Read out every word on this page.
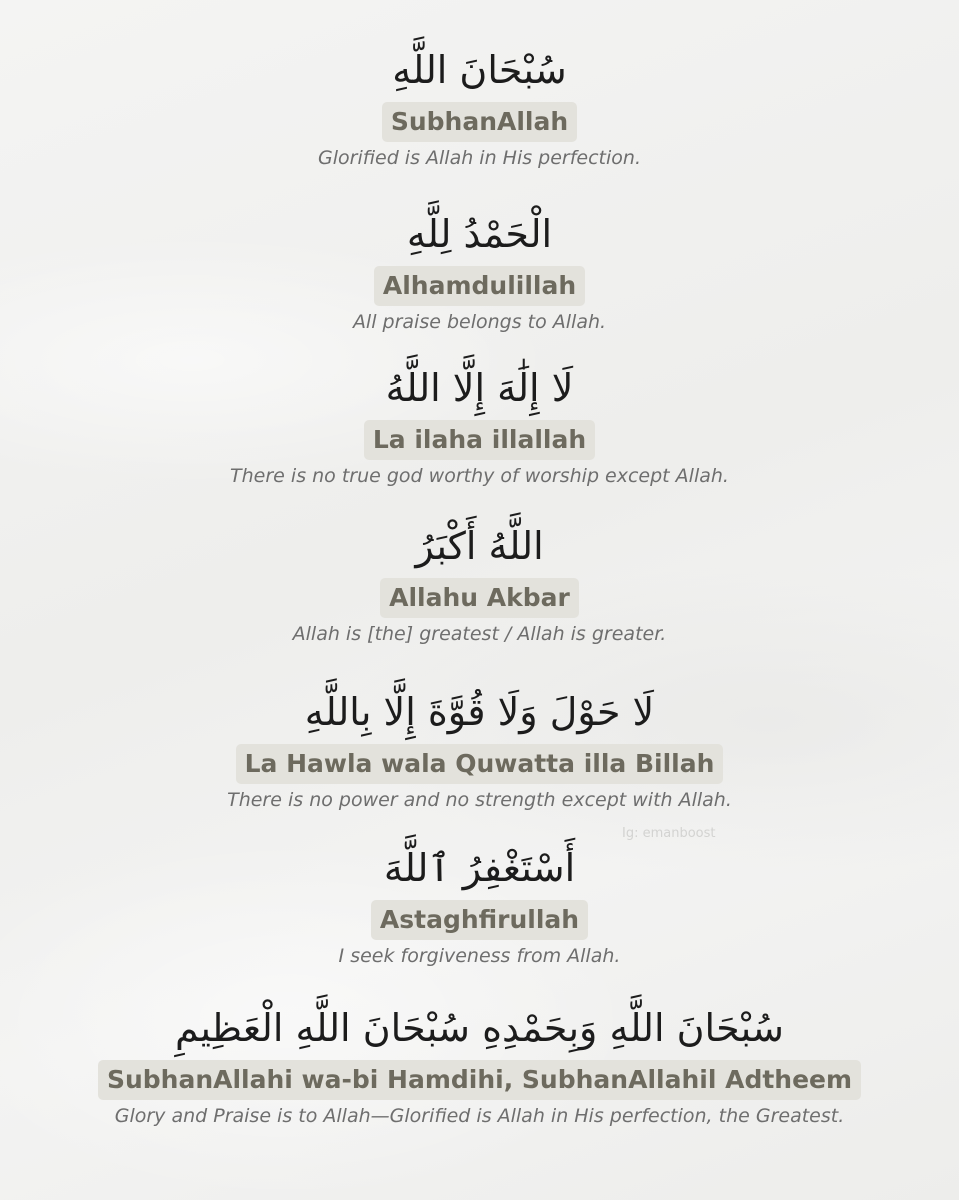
سُبْحَانَ اللَّهِ
SubhanAllah
Glorified is Allah in His perfection.
الْحَمْدُ لِلَّهِ
Alhamdulillah
All praise belongs to Allah.
لَا إِلَٰهَ إِلَّا اللَّهُ
La ilaha illallah
There is no true god worthy of worship except Allah.
اللَّهُ أَكْبَرُ
Allahu Akbar
Allah is [the] greatest / Allah is greater.
لَا حَوْلَ وَلَا قُوَّةَ إِلَّا بِاللَّهِ
La Hawla wala Quwatta illa Billah
There is no power and no strength except with Allah.
أَسْتَغْفِرُ ٱللَّهَ
Astaghfirullah
I seek forgiveness from Allah.
سُبْحَانَ اللَّهِ وَبِحَمْدِهِ سُبْحَانَ اللَّهِ الْعَظِيمِ
SubhanAllahi wa-bi Hamdihi, SubhanAllahil Adtheem
Glory and Praise is to Allah—Glorified is Allah in His perfection, the Greatest.
Ig: emanboost
